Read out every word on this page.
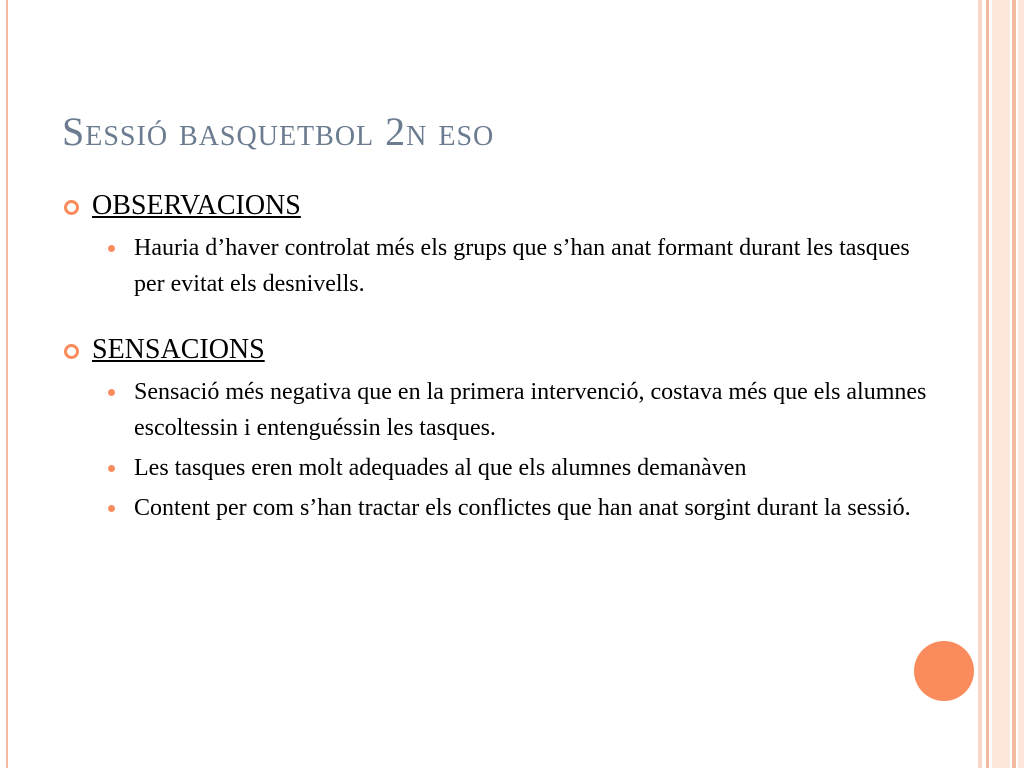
Sessió basquetbol 2n eso
OBSERVACIONS
Hauria d’haver controlat més els grups que s’han anat formant durant les tasques per evitat els desnivells.
SENSACIONS
Sensació més negativa que en la primera intervenció, costava més que els alumnes escoltessin i entenguéssin les tasques.
Les tasques eren molt adequades al que els alumnes demanàven
Content per com s’han tractar els conflictes que han anat sorgint durant la sessió.
